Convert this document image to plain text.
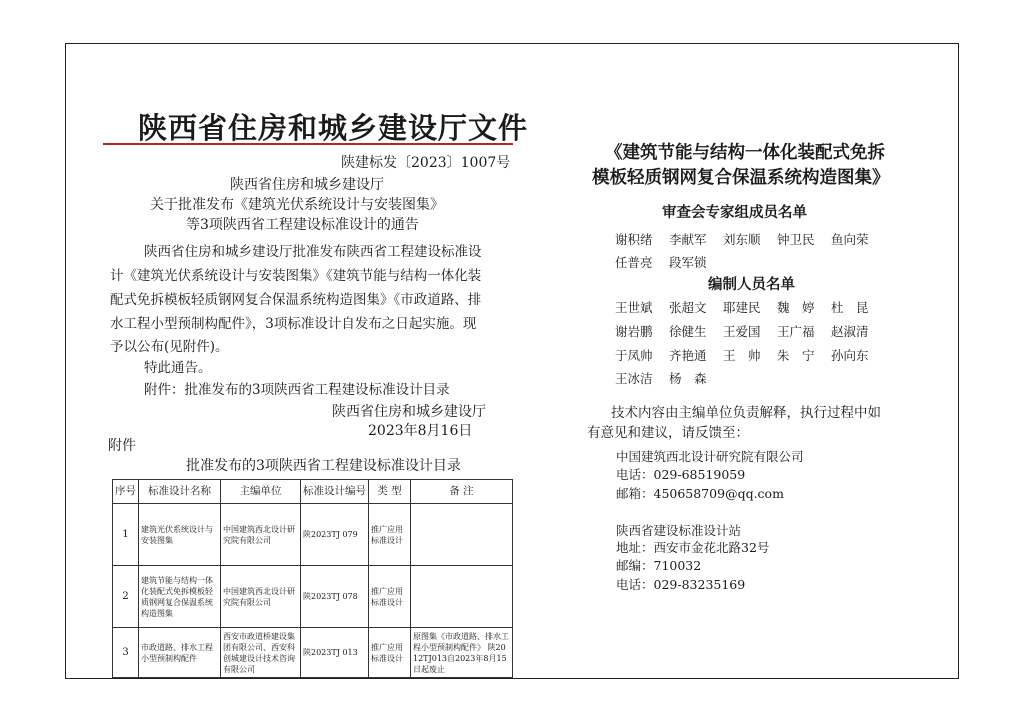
陕西省住房和城乡建设厅文件
陕建标发〔2023〕1007号
陕西省住房和城乡建设厅
关于批准发布《建筑光伏系统设计与安装图集》
等3项陕西省工程建设标准设计的通告
陕西省住房和城乡建设厅批准发布陕西省工程建设标准设
计《建筑光伏系统设计与安装图集》《建筑节能与结构一体化装
配式免拆模板轻质钢网复合保温系统构造图集》《市政道路、排
水工程小型预制构配件》，3项标准设计自发布之日起实施。现
予以公布(见附件)。
特此通告。
附件：批准发布的3项陕西省工程建设标准设计目录
陕西省住房和城乡建设厅
2023年8月16日
附件
批准发布的3项陕西省工程建设标准设计目录
序号	标准设计名称	主编单位	标准设计编号	类 型	备 注
1	建筑光伏系统设计与安装图集	中国建筑西北设计研究院有限公司	陕2023TJ 079	推广应用标准设计	
2	建筑节能与结构一体化装配式免拆模板轻质钢网复合保温系统构造图集	中国建筑西北设计研究院有限公司	陕2023TJ 078	推广应用标准设计	
3	市政道路、排水工程小型预制构配件	西安市政道桥建设集团有限公司、西安科创城建设计技术咨询有限公司	陕2023TJ 013	推广应用标准设计	原图集《市政道路、排水工程小型预制构配件》 陕2012TJ013自2023年8月15日起废止
《建筑节能与结构一体化装配式免拆
模板轻质钢网复合保温系统构造图集》
审查会专家组成员名单
谢积绪 李献军 刘东顺 钟卫民 鱼向荣
任普亮 段军锁
编制人员名单
王世斌 张超文 耶建民 魏　婷 杜　昆
谢岩鹏 徐健生 王爱国 王广福 赵淑清
于凤帅 齐艳通 王　帅 朱　宁 孙向东
王冰洁 杨　森
技术内容由主编单位负责解释，执行过程中如
有意见和建议，请反馈至：
中国建筑西北设计研究院有限公司
电话：029-68519059
邮箱：450658709@qq.com
陕西省建设标准设计站
地址：西安市金花北路32号
邮编：710032
电话：029-83235169
